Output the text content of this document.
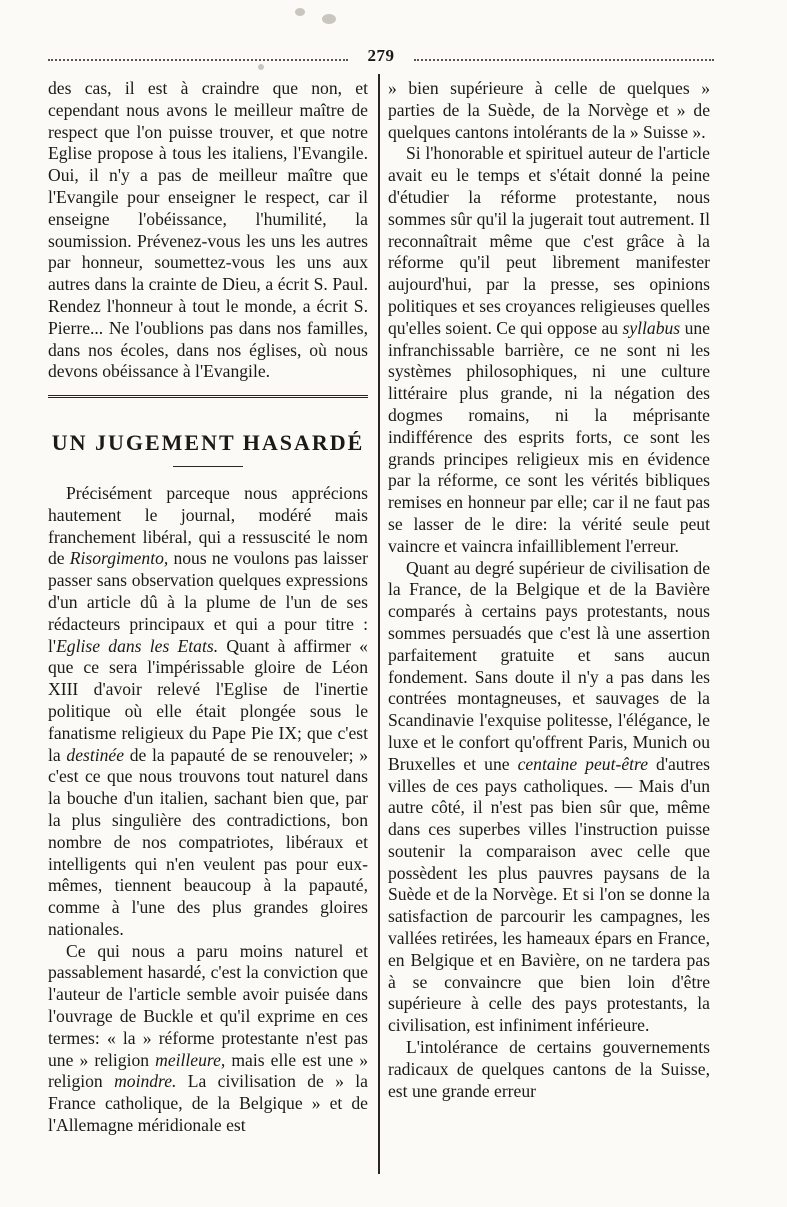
279

des cas, il est à craindre que non, et cependant nous avons le meilleur maître de respect que l'on puisse trouver, et que notre Eglise propose à tous les italiens, l'Evangile. Oui, il n'y a pas de meilleur maître que l'Evangile pour enseigner le respect, car il enseigne l'obéissance, l'humilité, la soumission. Prévenez-vous les uns les autres par honneur, soumettez-vous les uns aux autres dans la crainte de Dieu, a écrit S. Paul. Rendez l'honneur à tout le monde, a écrit S. Pierre... Ne l'oublions pas dans nos familles, dans nos écoles, dans nos églises, où nous devons obéissance à l'Evangile.

UN JUGEMENT HASARDÉ

Précisément parceque nous apprécions hautement le journal, modéré mais franchement libéral, qui a ressuscité le nom de Risorgimento, nous ne voulons pas laisser passer sans observation quelques expressions d'un article dû à la plume de l'un de ses rédacteurs principaux et qui a pour titre : l'Eglise dans les Etats. Quant à affirmer « que ce sera l'impérissable gloire de Léon XIII d'avoir relevé l'Eglise de l'inertie politique où elle était plongée sous le fanatisme religieux du Pape Pie IX; que c'est la destinée de la papauté de se renouveler; » c'est ce que nous trouvons tout naturel dans la bouche d'un italien, sachant bien que, par la plus singulière des contradictions, bon nombre de nos compatriotes, libéraux et intelligents qui n'en veulent pas pour eux-mêmes, tiennent beaucoup à la papauté, comme à l'une des plus grandes gloires nationales.

Ce qui nous a paru moins naturel et passablement hasardé, c'est la conviction que l'auteur de l'article semble avoir puisée dans l'ouvrage de Buckle et qu'il exprime en ces termes: « la » réforme protestante n'est pas une » religion meilleure, mais elle est une » religion moindre. La civilisation de » la France catholique, de la Belgique » et de l'Allemagne méridionale est

» bien supérieure à celle de quelques » parties de la Suède, de la Norvège et » de quelques cantons intolérants de la » Suisse ».

Si l'honorable et spirituel auteur de l'article avait eu le temps et s'était donné la peine d'étudier la réforme protestante, nous sommes sûr qu'il la jugerait tout autrement. Il reconnaîtrait même que c'est grâce à la réforme qu'il peut librement manifester aujourd'hui, par la presse, ses opinions politiques et ses croyances religieuses quelles qu'elles soient. Ce qui oppose au syllabus une infranchissable barrière, ce ne sont ni les systèmes philosophiques, ni une culture littéraire plus grande, ni la négation des dogmes romains, ni la méprisante indifférence des esprits forts, ce sont les grands principes religieux mis en évidence par la réforme, ce sont les vérités bibliques remises en honneur par elle; car il ne faut pas se lasser de le dire: la vérité seule peut vaincre et vaincra infailliblement l'erreur.

Quant au degré supérieur de civilisation de la France, de la Belgique et de la Bavière comparés à certains pays protestants, nous sommes persuadés que c'est là une assertion parfaitement gratuite et sans aucun fondement. Sans doute il n'y a pas dans les contrées montagneuses, et sauvages de la Scandinavie l'exquise politesse, l'élégance, le luxe et le confort qu'offrent Paris, Munich ou Bruxelles et une centaine peut-être d'autres villes de ces pays catholiques. — Mais d'un autre côté, il n'est pas bien sûr que, même dans ces superbes villes l'instruction puisse soutenir la comparaison avec celle que possèdent les plus pauvres paysans de la Suède et de la Norvège. Et si l'on se donne la satisfaction de parcourir les campagnes, les vallées retirées, les hameaux épars en France, en Belgique et en Bavière, on ne tardera pas à se convaincre que bien loin d'être supérieure à celle des pays protestants, la civilisation, est infiniment inférieure.

L'intolérance de certains gouvernements radicaux de quelques cantons de la Suisse, est une grande erreur
